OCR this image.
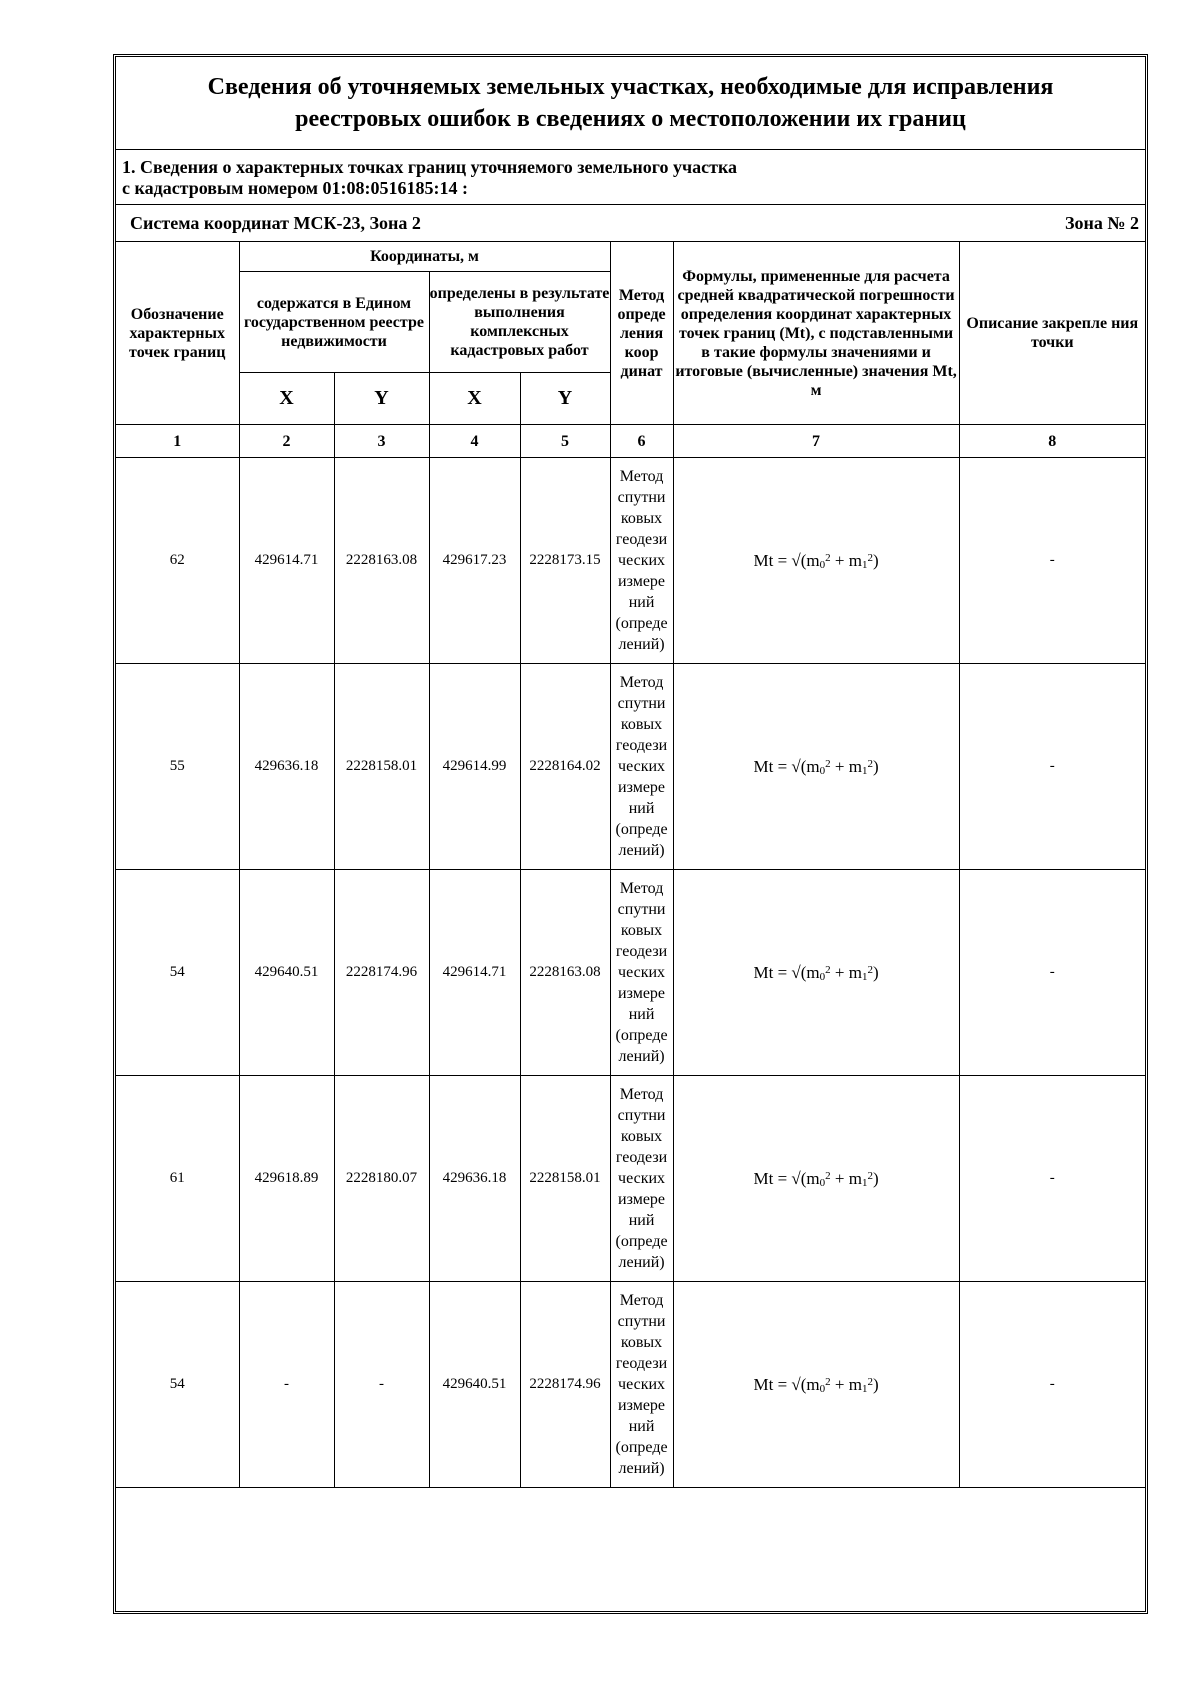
Сведения об уточняемых земельных участках, необходимые для исправления
реестровых ошибок в сведениях о местоположении их границ
1. Сведения о характерных точках границ уточняемого земельного участка
с кадастровым номером 01:08:0516185:14 :
Система координат МСК-23, Зона 2	Зона № 2
Обозначение характерных точек границ	Координаты, м				Метод опреде ления коор динат	Формулы, примененные для расчета средней квадратической погрешности определения координат характерных точек границ (Mt), с подставленными в такие формулы значениями и итоговые (вычисленные) значения Mt, м	Описание закрепле ния точки
	содержатся в Едином государственном реестре недвижимости		определены в результате выполнения комплексных кадастровых работ				
	X	Y	X	Y			
1	2	3	4	5	6	7	8
62	429614.71	2228163.08	429617.23	2228173.15	Метод спутни ковых геодези ческих измере ний (опреде лений)	$Mt = √(m_0^2 + m_1^2)$	-
55	429636.18	2228158.01	429614.99	2228164.02	Метод спутни ковых геодези ческих измере ний (опреде лений)	$Mt = √(m_0^2 + m_1^2)$	-
54	429640.51	2228174.96	429614.71	2228163.08	Метод спутни ковых геодези ческих измере ний (опреде лений)	$Mt = √(m_0^2 + m_1^2)$	-
61	429618.89	2228180.07	429636.18	2228158.01	Метод спутни ковых геодези ческих измере ний (опреде лений)	$Mt = √(m_0^2 + m_1^2)$	-
54	-	-	429640.51	2228174.96	Метод спутни ковых геодези ческих измере ний (опреде лений)	$Mt = √(m_0^2 + m_1^2)$	-
